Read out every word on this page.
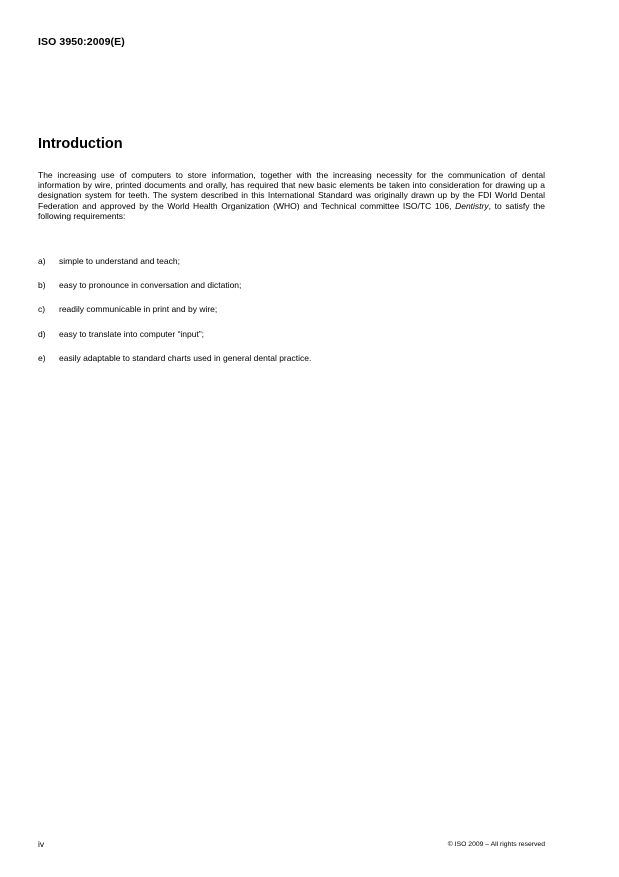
ISO 3950:2009(E)
Introduction

The increasing use of computers to store information, together with the increasing necessity for the communication of dental information by wire, printed documents and orally, has required that new basic elements be taken into consideration for drawing up a designation system for teeth. The system described in this International Standard was originally drawn up by the FDI World Dental Federation and approved by the World Health Organization (WHO) and Technical committee ISO/TC 106, Dentistry, to satisfy the following requirements:

a)	simple to understand and teach;
b)	easy to pronounce in conversation and dictation;
c)	readily communicable in print and by wire;
d)	easy to translate into computer “input”;
e)	easily adaptable to standard charts used in general dental practice.
iv	© ISO 2009 – All rights reserved
